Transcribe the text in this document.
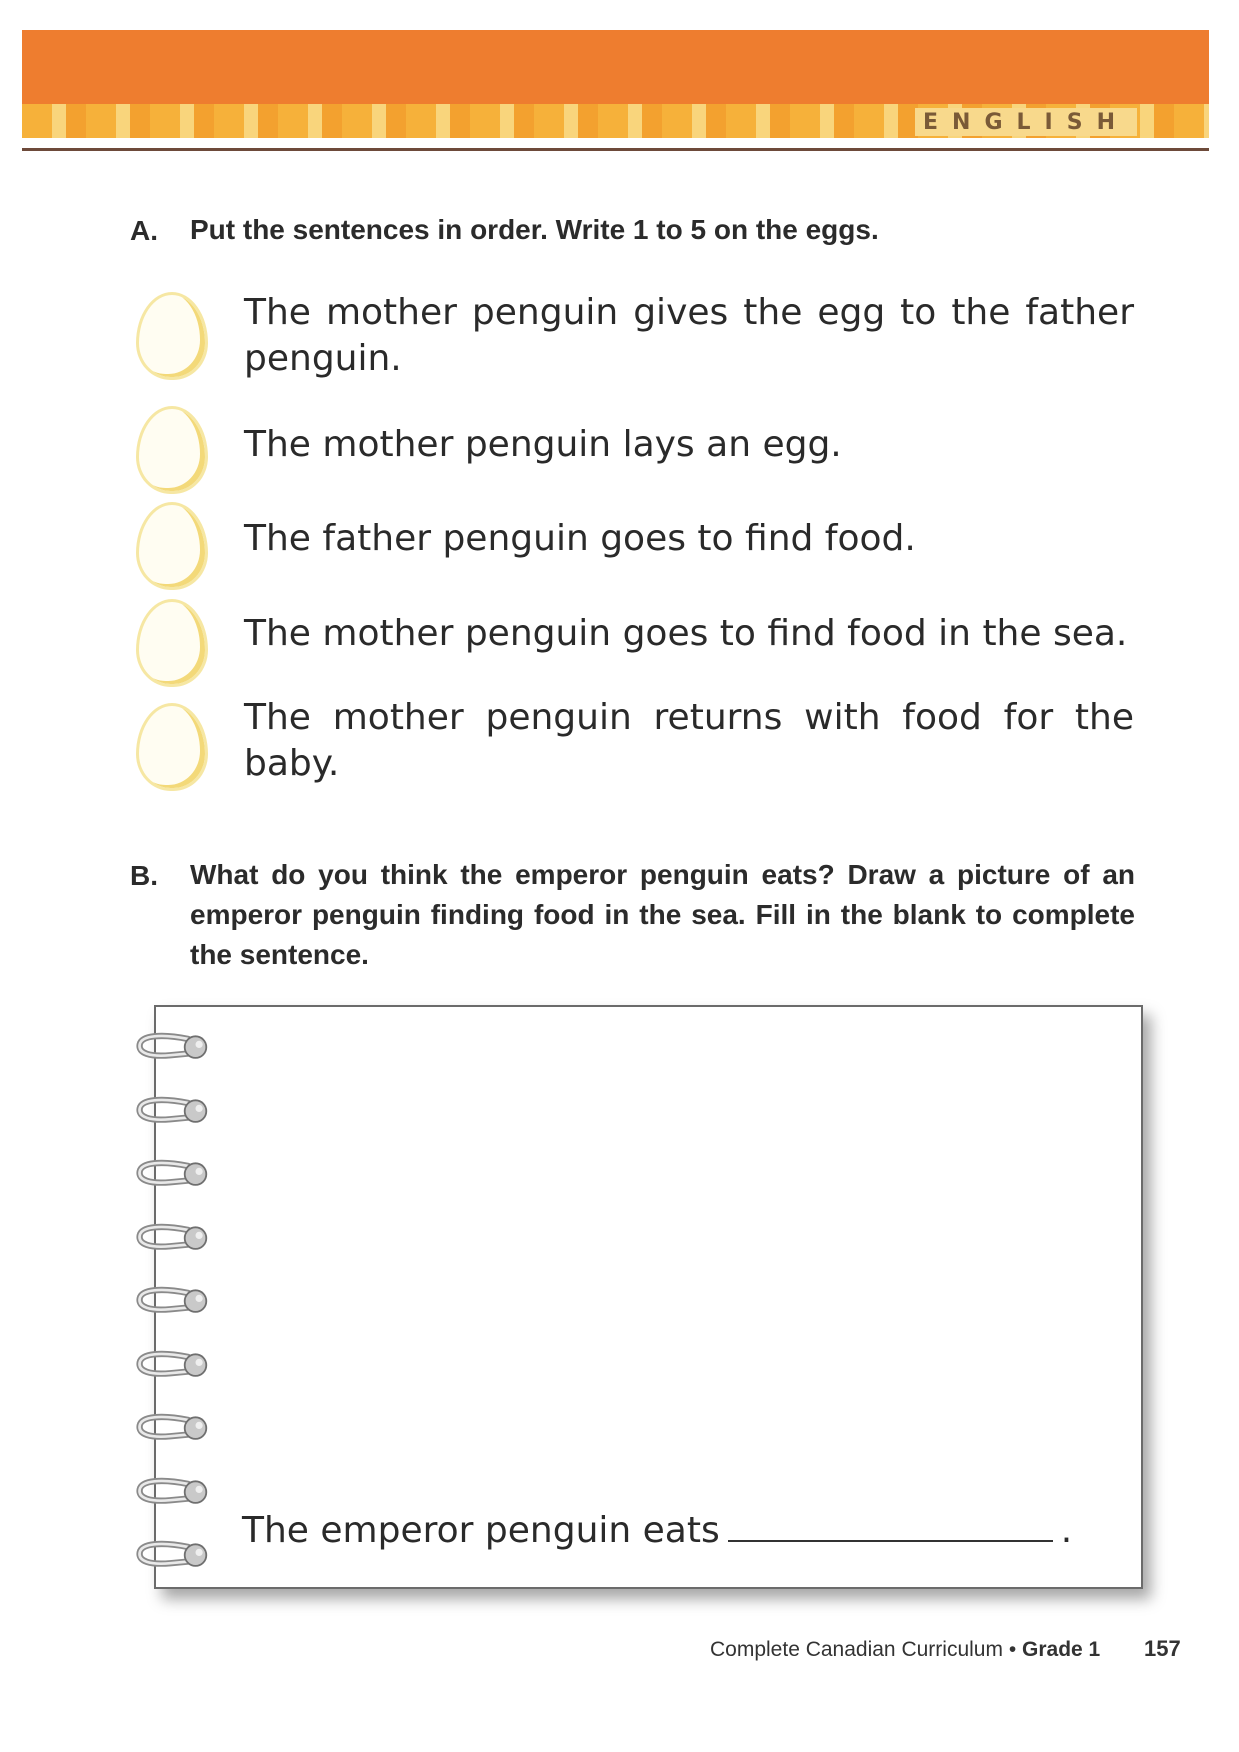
ENGLISH
A. Put the sentences in order. Write 1 to 5 on the eggs.
The mother penguin gives the egg to the father penguin.
The mother penguin lays an egg.
The father penguin goes to find food.
The mother penguin goes to find food in the sea.
The mother penguin returns with food for the baby.
B. What do you think the emperor penguin eats? Draw a picture of an emperor penguin finding food in the sea. Fill in the blank to complete the sentence.
The emperor penguin eats	.
Complete Canadian Curriculum • Grade 1 157
